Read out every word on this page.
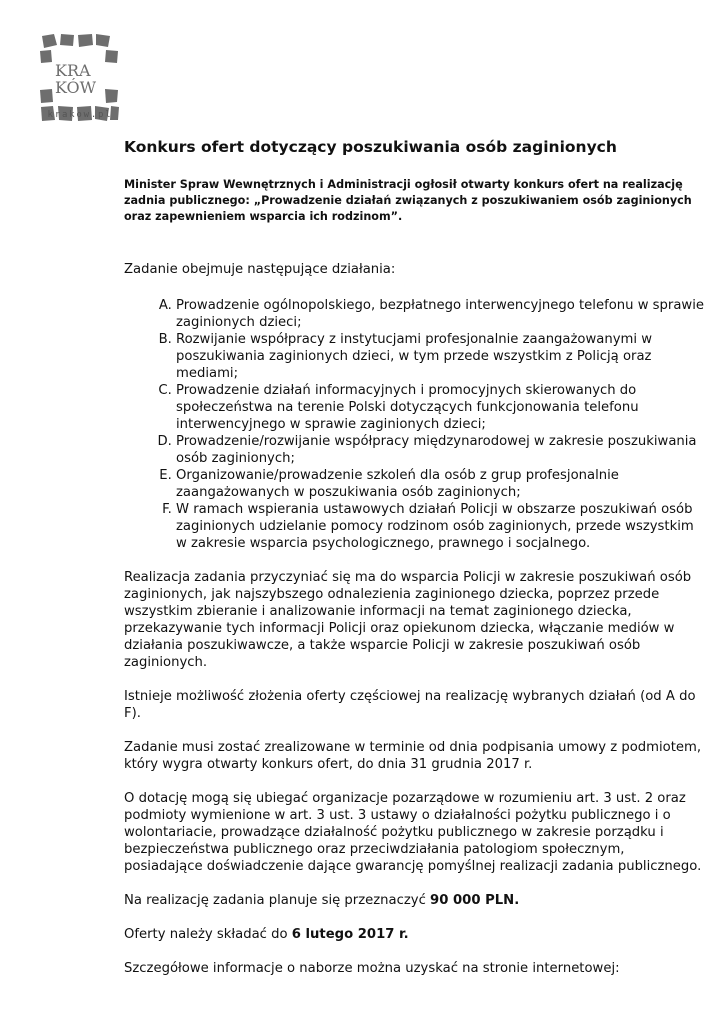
KRA
KÓW
krakow.pl
Konkurs ofert dotyczący poszukiwania osób zaginionych

Minister Spraw Wewnętrznych i Administracji ogłosił otwarty konkurs ofert na realizację zadnia publicznego: „Prowadzenie działań związanych z poszukiwaniem osób zaginionych oraz zapewnieniem wsparcia ich rodzinom”.

Zadanie obejmuje następujące działania:

A. Prowadzenie ogólnopolskiego, bezpłatnego interwencyjnego telefonu w sprawie zaginionych dzieci;
B. Rozwijanie współpracy z instytucjami profesjonalnie zaangażowanymi w poszukiwania zaginionych dzieci, w tym przede wszystkim z Policją oraz mediami;
C. Prowadzenie działań informacyjnych i promocyjnych skierowanych do społeczeństwa na terenie Polski dotyczących funkcjonowania telefonu interwencyjnego w sprawie zaginionych dzieci;
D. Prowadzenie/rozwijanie współpracy międzynarodowej w zakresie poszukiwania osób zaginionych;
E. Organizowanie/prowadzenie szkoleń dla osób z grup profesjonalnie zaangażowanych w poszukiwania osób zaginionych;
F. W ramach wspierania ustawowych działań Policji w obszarze poszukiwań osób zaginionych udzielanie pomocy rodzinom osób zaginionych, przede wszystkim w zakresie wsparcia psychologicznego, prawnego i socjalnego.

Realizacja zadania przyczyniać się ma do wsparcia Policji w zakresie poszukiwań osób zaginionych, jak najszybszego odnalezienia zaginionego dziecka, poprzez przede wszystkim zbieranie i analizowanie informacji na temat zaginionego dziecka, przekazywanie tych informacji Policji oraz opiekunom dziecka, włączanie mediów w działania poszukiwawcze, a także wsparcie Policji w zakresie poszukiwań osób zaginionych.

Istnieje możliwość złożenia oferty częściowej na realizację wybranych działań (od A do F).

Zadanie musi zostać zrealizowane w terminie od dnia podpisania umowy z podmiotem, który wygra otwarty konkurs ofert, do dnia 31 grudnia 2017 r.

O dotację mogą się ubiegać organizacje pozarządowe w rozumieniu art. 3 ust. 2 oraz podmioty wymienione w art. 3 ust. 3 ustawy o działalności pożytku publicznego i o wolontariacie, prowadzące działalność pożytku publicznego w zakresie porządku i bezpieczeństwa publicznego oraz przeciwdziałania patologiom społecznym, posiadające doświadczenie dające gwarancję pomyślnej realizacji zadania publicznego.

Na realizację zadania planuje się przeznaczyć 90 000 PLN.

Oferty należy składać do 6 lutego 2017 r.

Szczegółowe informacje o naborze można uzyskać na stronie internetowej:
